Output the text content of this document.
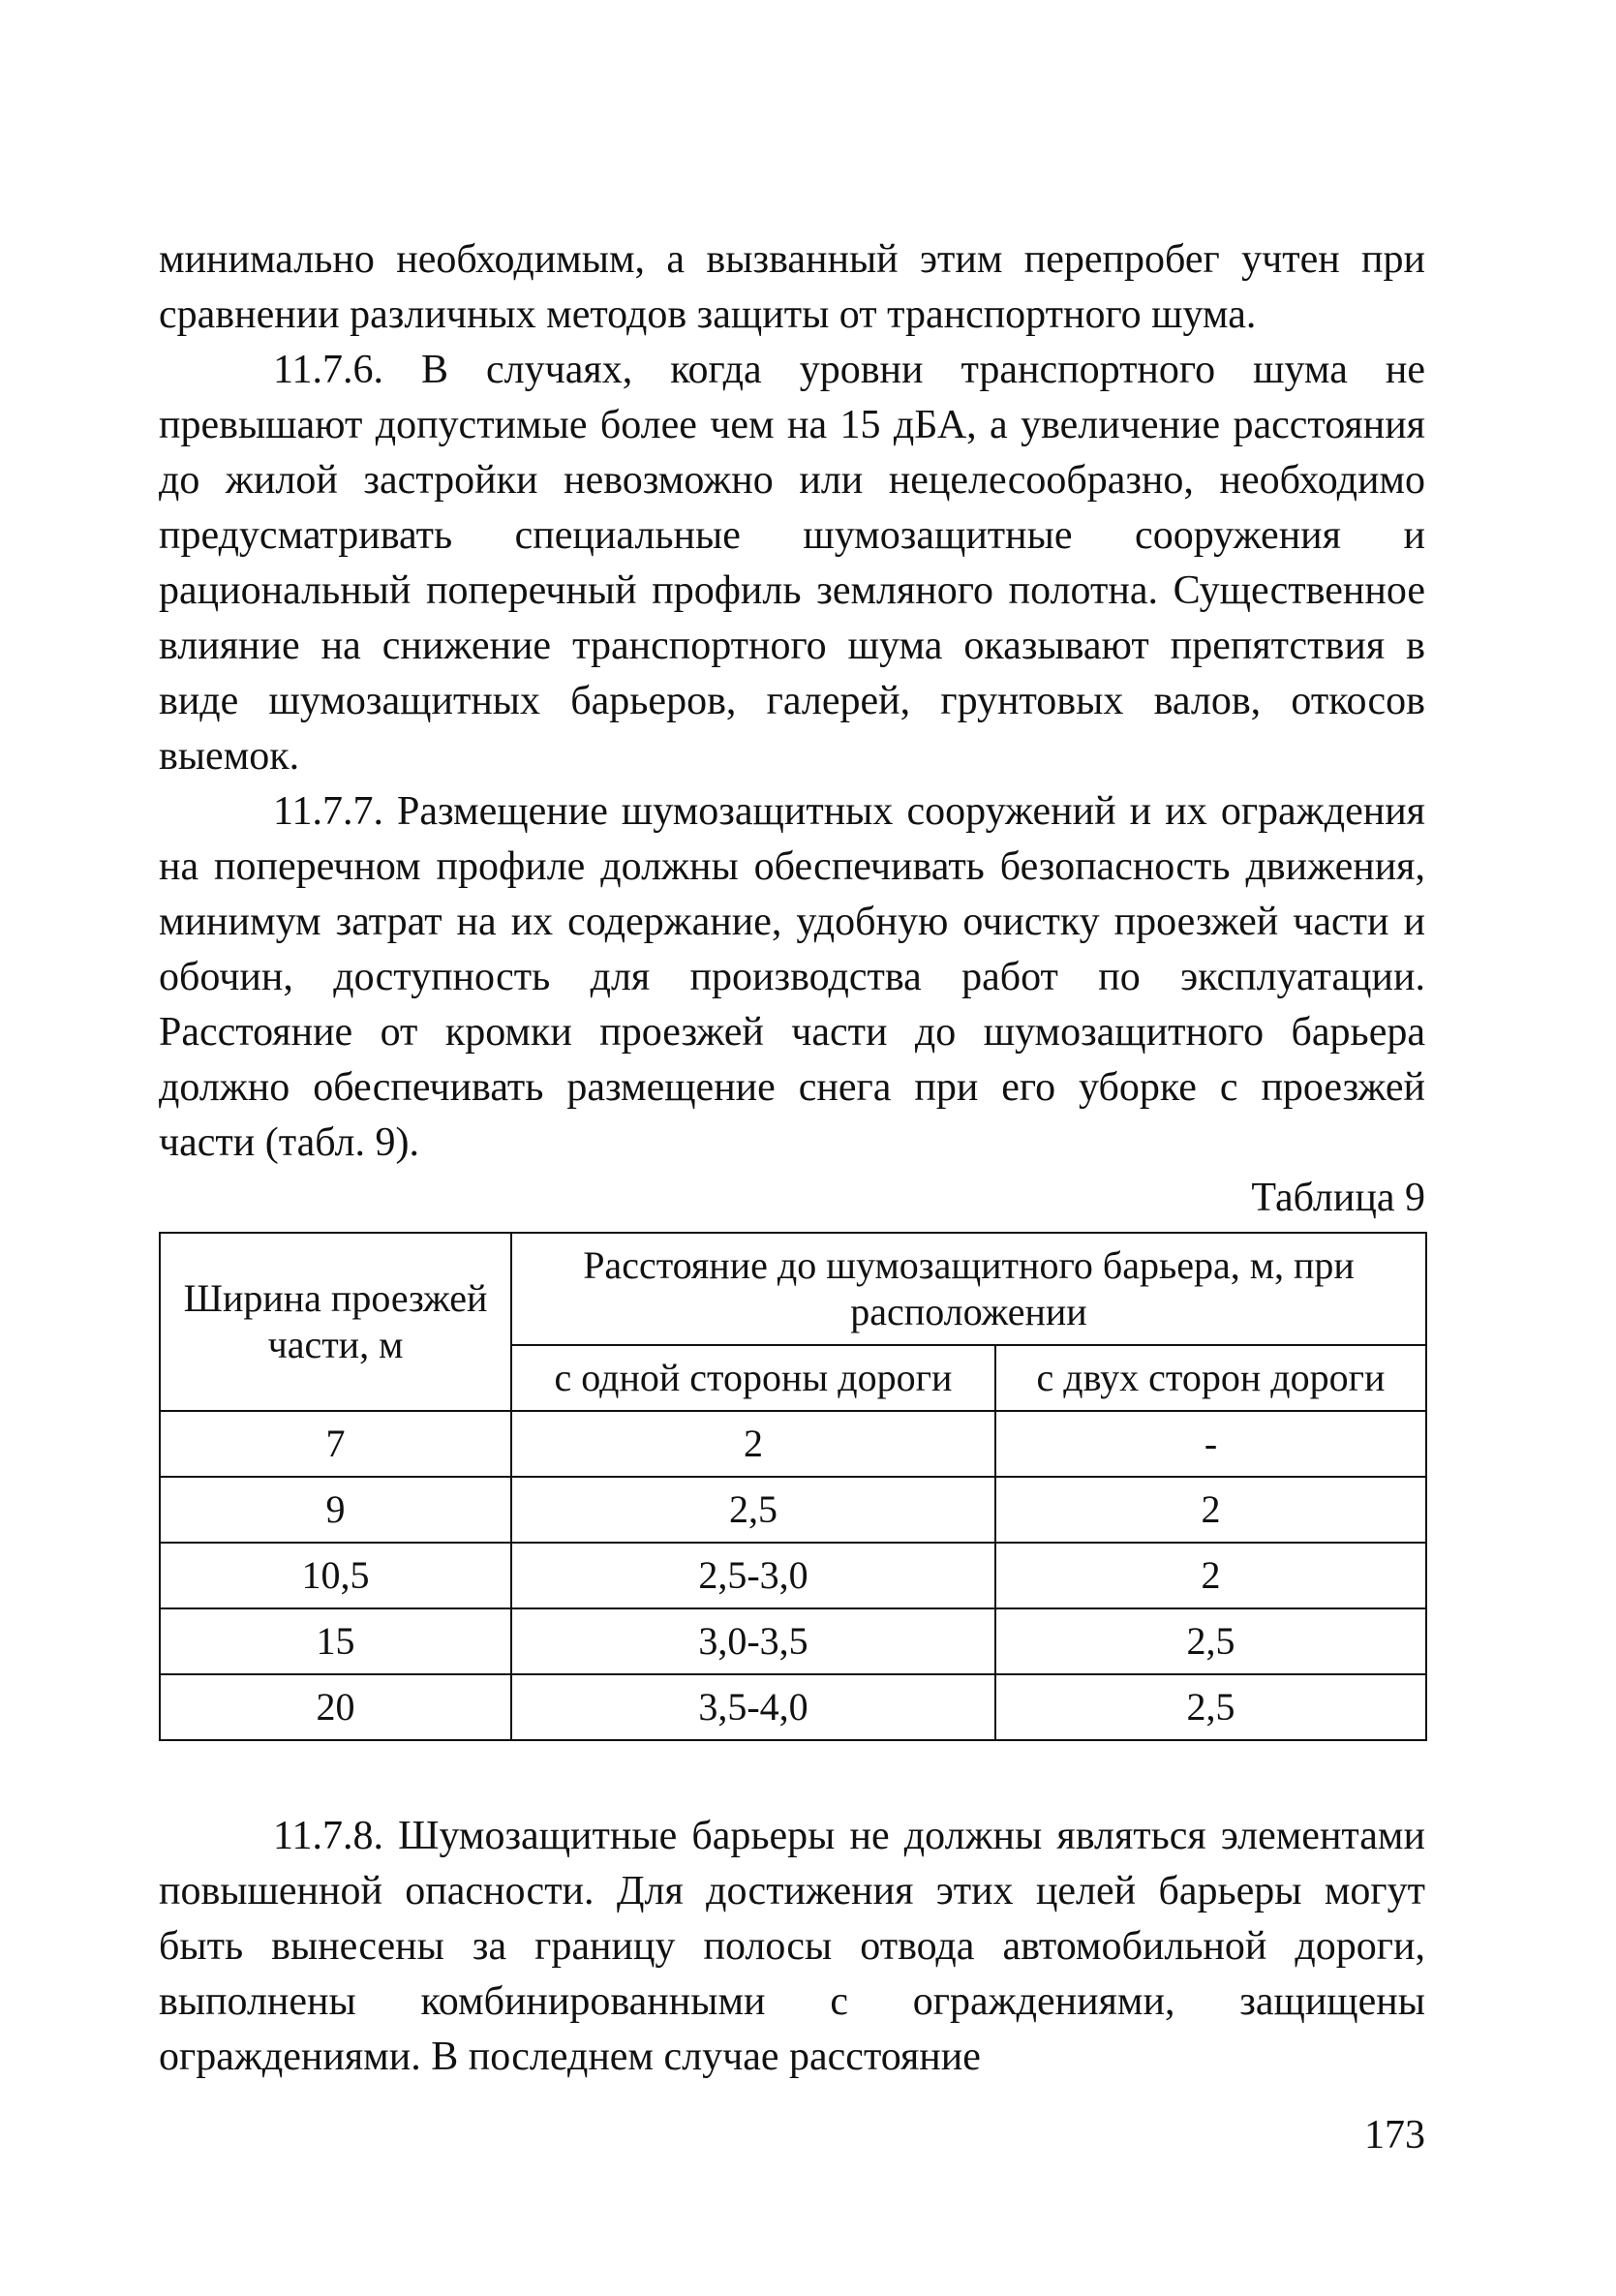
минимально необходимым, а вызванный этим перепробег учтен при сравнении различных методов защиты от транспортного шума.

11.7.6. В случаях, когда уровни транспортного шума не превышают допустимые более чем на 15 дБА, а увеличение расстояния до жилой застройки невозможно или нецелесообразно, необходимо предусматривать специальные шумозащитные сооружения и рациональный поперечный профиль земляного полотна. Существенное влияние на снижение транспортного шума оказывают препятствия в виде шумозащитных барьеров, галерей, грунтовых валов, откосов выемок.

11.7.7. Размещение шумозащитных сооружений и их ограждения на поперечном профиле должны обеспечивать безопасность движения, минимум затрат на их содержание, удобную очистку проезжей части и обочин, доступность для производства работ по эксплуатации. Расстояние от кромки проезжей части до шумозащитного барьера должно обеспечивать размещение снега при его уборке с проезжей части (табл. 9).

Таблица 9

Ширина проезжей части, м	Расстояние до шумозащитного барьера, м, при расположении	
	с одной стороны дороги	с двух сторон дороги
7	2	-
9	2,5	2
10,5	2,5-3,0	2
15	3,0-3,5	2,5
20	3,5-4,0	2,5

11.7.8. Шумозащитные барьеры не должны являться элементами повышенной опасности. Для достижения этих целей барьеры могут быть вынесены за границу полосы отвода автомобильной дороги, выполнены комбинированными с ограждениями, защищены ограждениями. В последнем случае расстояние

173
